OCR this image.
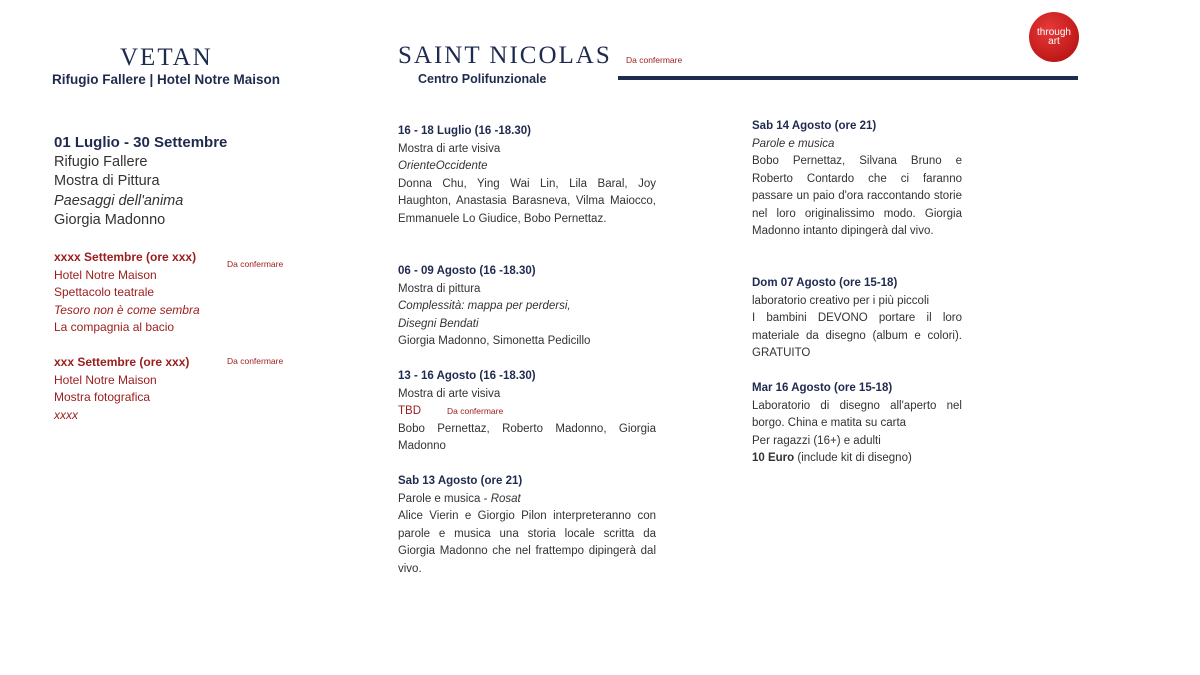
VETAN
Rifugio Fallere | Hotel Notre Maison
01 Luglio - 30 Settembre
Rifugio Fallere
Mostra di Pittura
Paesaggi dell'anima
Giorgia Madonno
xxxx Settembre (ore xxx)
Hotel Notre Maison
Spettacolo teatrale
Tesoro non è come sembra
La compagnia al bacio
Da confermare
xxx Settembre (ore xxx)
Hotel Notre Maison
Mostra fotografica
xxxx
Da confermare
SAINT NICOLAS Da confermare
Centro Polifunzionale
16 - 18 Luglio (16 -18.30)
Mostra di arte visiva
OrienteOccidente
Donna Chu, Ying Wai Lin, Lila Baral, Joy Haughton, Anastasia Barasneva, Vilma Maiocco, Emmanuele Lo Giudice, Bobo Pernettaz.
06 - 09 Agosto (16 -18.30)
Mostra di pittura
Complessità: mappa per perdersi,
Disegni Bendati
Giorgia Madonno, Simonetta Pedicillo
13 - 16 Agosto (16 -18.30)
Mostra di arte visiva
TBD	Da confermare
Bobo Pernettaz, Roberto Madonno, Giorgia Madonno
Sab 13 Agosto (ore 21)
Parole e musica - Rosat
Alice Vierin e Giorgio Pilon interpreteranno con parole e musica una storia locale scritta da Giorgia Madonno che nel frattempo dipingerà dal vivo.
Sab 14 Agosto (ore 21)
Parole e musica
Bobo Pernettaz, Silvana Bruno e Roberto Contardo che ci faranno passare un paio d'ora raccontando storie nel loro originalissimo modo. Giorgia Madonno intanto dipingerà dal vivo.
Dom 07 Agosto (ore 15-18)
laboratorio creativo per i più piccoli
I bambini DEVONO portare il loro materiale da disegno (album e colori). GRATUITO
Mar 16 Agosto (ore 15-18)
Laboratorio di disegno all'aperto nel borgo. China e matita su carta
Per ragazzi (16+) e adulti
10 Euro (include kit di disegno)
through
art
